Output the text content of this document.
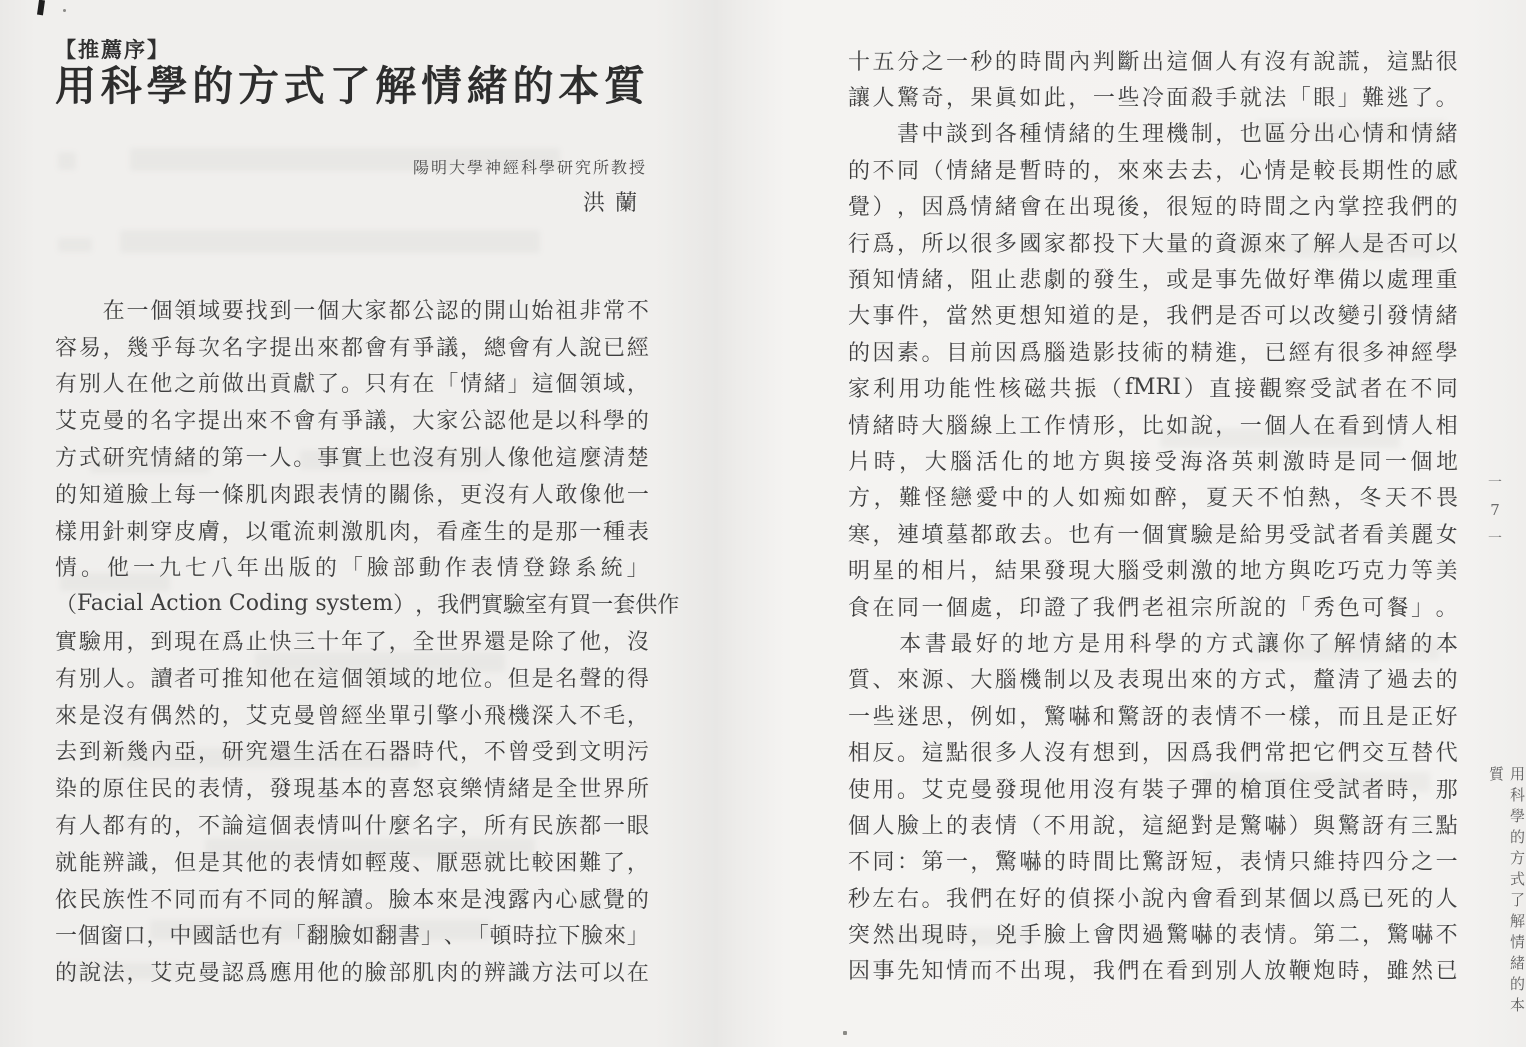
【推薦序】
用科學的方式了解情緒的本質
陽明大學神經科學研究所教授
洪蘭

在 一 個 領 域 要 找 到 一 個 大 家 都 公 認 的 開 山 始 祖 非 常 不
容 易 ， 幾 乎 每 次 名 字 提 出 來 都 會 有 爭 議 ， 總 會 有 人 說 已 經
有 別 人 在 他 之 前 做 出 貢 獻 了 。 只 有 在 「 情 緒 」 這 個 領 域 ，
艾 克 曼 的 名 字 提 出 來 不 會 有 爭 議 ， 大 家 公 認 他 是 以 科 學 的
方 式 研 究 情 緒 的 第 一 人 。 事 實 上 也 沒 有 別 人 像 他 這 麼 清 楚
的 知 道 臉 上 每 一 條 肌 肉 跟 表 情 的 關 係 ， 更 沒 有 人 敢 像 他 一
樣 用 針 刺 穿 皮 膚 ， 以 電 流 刺 激 肌 肉 ， 看 產 生 的 是 那 一 種 表
情 。 他 一 九 七 八 年 出 版 的 「 臉 部 動 作 表 情 登 錄 系 統 」
（ Facial Action Coding system ） ， 我 們 實 驗 室 有 買 一 套 供 作
實 驗 用 ， 到 現 在 爲 止 快 三 十 年 了 ， 全 世 界 還 是 除 了 他 ， 沒
有 別 人 。 讀 者 可 推 知 他 在 這 個 領 域 的 地 位 。 但 是 名 聲 的 得
來 是 沒 有 偶 然 的 ， 艾 克 曼 曾 經 坐 單 引 擎 小 飛 機 深 入 不 毛 ，
去 到 新 幾 內 亞 ， 研 究 還 生 活 在 石 器 時 代 ， 不 曾 受 到 文 明 污
染 的 原 住 民 的 表 情 ， 發 現 基 本 的 喜 怒 哀 樂 情 緒 是 全 世 界 所
有 人 都 有 的 ， 不 論 這 個 表 情 叫 什 麼 名 字 ， 所 有 民 族 都 一 眼
就 能 辨 識 ， 但 是 其 他 的 表 情 如 輕 蔑 、 厭 惡 就 比 較 困 難 了 ，
依 民 族 性 不 同 而 有 不 同 的 解 讀 。 臉 本 來 是 洩 露 內 心 感 覺 的
一 個 窗 口 ， 中 國 話 也 有 「 翻 臉 如 翻 書 」 、 「 頓 時 拉 下 臉 來 」
的 說 法 ， 艾 克 曼 認 爲 應 用 他 的 臉 部 肌 肉 的 辨 識 方 法 可 以 在
十 五 分 之 一 秒 的 時 間 內 判 斷 出 這 個 人 有 沒 有 說 謊 ， 這 點 很
讓 人 驚 奇 ， 果 眞 如 此 ， 一 些 冷 面 殺 手 就 法 「 眼 」 難 逃 了 。

書 中 談 到 各 種 情 緒 的 生 理 機 制 ， 也 區 分 出 心 情 和 情 緒
的 不 同 （ 情 緒 是 暫 時 的 ， 來 來 去 去 ， 心 情 是 較 長 期 性 的 感
覺 ） ， 因 爲 情 緒 會 在 出 現 後 ， 很 短 的 時 間 之 內 掌 控 我 們 的
行 爲 ， 所 以 很 多 國 家 都 投 下 大 量 的 資 源 來 了 解 人 是 否 可 以
預 知 情 緒 ， 阻 止 悲 劇 的 發 生 ， 或 是 事 先 做 好 準 備 以 處 理 重
大 事 件 ， 當 然 更 想 知 道 的 是 ， 我 們 是 否 可 以 改 變 引 發 情 緒
的 因 素 。 目 前 因 爲 腦 造 影 技 術 的 精 進 ， 已 經 有 很 多 神 經 學
家 利 用 功 能 性 核 磁 共 振 （ fMRI ） 直 接 觀 察 受 試 者 在 不 同
情 緒 時 大 腦 線 上 工 作 情 形 ， 比 如 說 ， 一 個 人 在 看 到 情 人 相
片 時 ， 大 腦 活 化 的 地 方 與 接 受 海 洛 英 刺 激 時 是 同 一 個 地
方 ， 難 怪 戀 愛 中 的 人 如 痴 如 醉 ， 夏 天 不 怕 熱 ， 冬 天 不 畏
寒 ， 連 墳 墓 都 敢 去 。 也 有 一 個 實 驗 是 給 男 受 試 者 看 美 麗 女
明 星 的 相 片 ， 結 果 發 現 大 腦 受 刺 激 的 地 方 與 吃 巧 克 力 等 美
食 在 同 一 個 處 ， 印 證 了 我 們 老 祖 宗 所 說 的 「 秀 色 可 餐 」 。

本 書 最 好 的 地 方 是 用 科 學 的 方 式 讓 你 了 解 情 緒 的 本
質 、 來 源 、 大 腦 機 制 以 及 表 現 出 來 的 方 式 ， 釐 清 了 過 去 的
一 些 迷 思 ， 例 如 ， 驚 嚇 和 驚 訝 的 表 情 不 一 樣 ， 而 且 是 正 好
相 反 。 這 點 很 多 人 沒 有 想 到 ， 因 爲 我 們 常 把 它 們 交 互 替 代
使 用 。 艾 克 曼 發 現 他 用 沒 有 裝 子 彈 的 槍 頂 住 受 試 者 時 ， 那
個 人 臉 上 的 表 情 （ 不 用 說 ， 這 絕 對 是 驚 嚇 ） 與 驚 訝 有 三 點
不 同 ： 第 一 ， 驚 嚇 的 時 間 比 驚 訝 短 ， 表 情 只 維 持 四 分 之 一
秒 左 右 。 我 們 在 好 的 偵 探 小 說 內 會 看 到 某 個 以 爲 已 死 的 人
突 然 出 現 時 ， 兇 手 臉 上 會 閃 過 驚 嚇 的 表 情 。 第 二 ， 驚 嚇 不
因 事 先 知 情 而 不 出 現 ， 我 們 在 看 到 別 人 放 鞭 炮 時 ， 雖 然 已
一
7
一
用科學的方式了解情緒的本質
